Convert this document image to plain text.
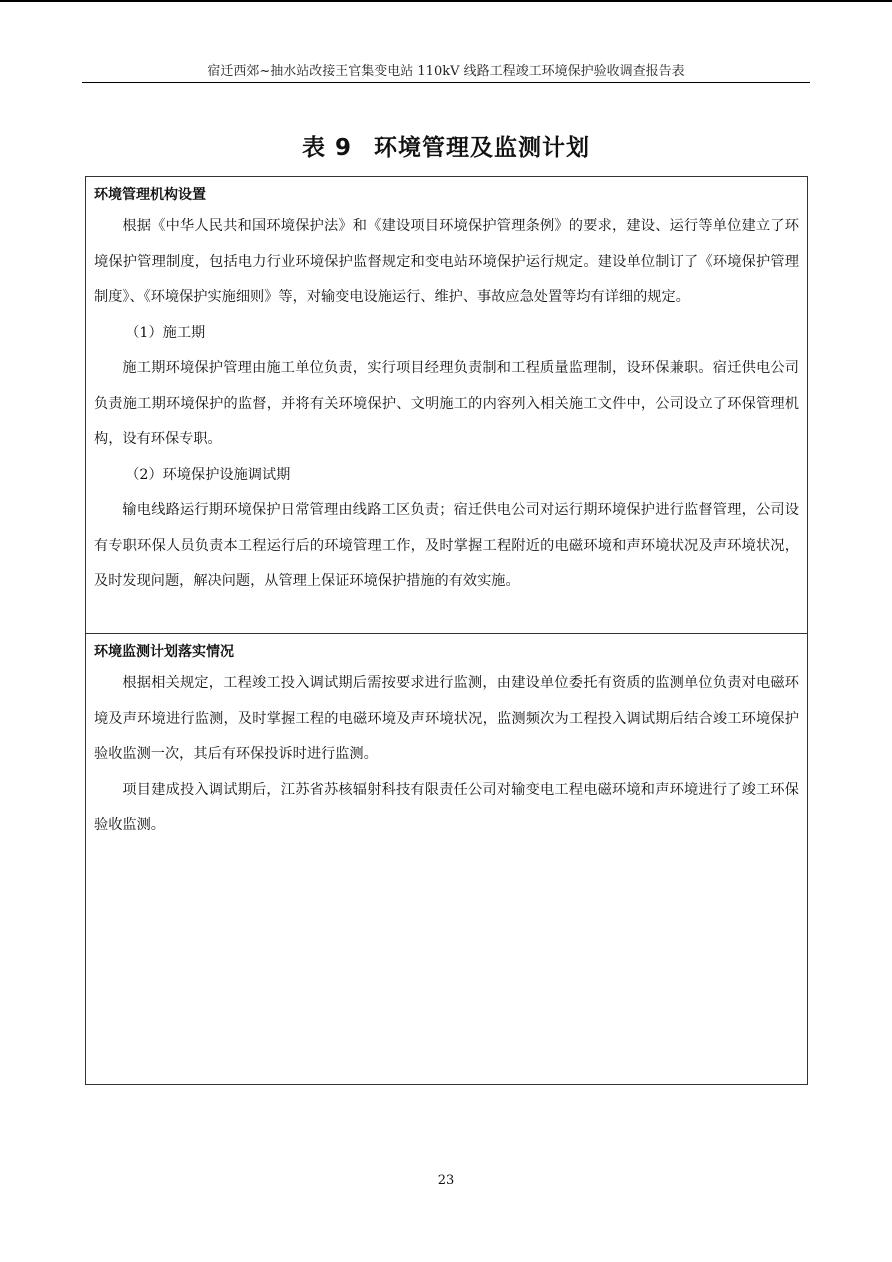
宿迁西郊~抽水站改接王官集变电站 110kV 线路工程竣工环境保护验收调查报告表
表 9 环境管理及监测计划
环境管理机构设置

根据《中华人民共和国环境保护法》和《建设项目环境保护管理条例》的要求，建设、运行等单位建立了环境保护管理制度，包括电力行业环境保护监督规定和变电站环境保护运行规定。建设单位制订了《环境保护管理制度》、《环境保护实施细则》等，对输变电设施运行、维护、事故应急处置等均有详细的规定。

（1）施工期

施工期环境保护管理由施工单位负责，实行项目经理负责制和工程质量监理制，设环保兼职。宿迁供电公司负责施工期环境保护的监督，并将有关环境保护、文明施工的内容列入相关施工文件中，公司设立了环保管理机构，设有环保专职。

（2）环境保护设施调试期

输电线路运行期环境保护日常管理由线路工区负责；宿迁供电公司对运行期环境保护进行监督管理，公司设有专职环保人员负责本工程运行后的环境管理工作，及时掌握工程附近的电磁环境和声环境状况及声环境状况，及时发现问题，解决问题，从管理上保证环境保护措施的有效实施。

环境监测计划落实情况

根据相关规定，工程竣工投入调试期后需按要求进行监测，由建设单位委托有资质的监测单位负责对电磁环境及声环境进行监测，及时掌握工程的电磁环境及声环境状况，监测频次为工程投入调试期后结合竣工环境保护验收监测一次，其后有环保投诉时进行监测。

项目建成投入调试期后，江苏省苏核辐射科技有限责任公司对输变电工程电磁环境和声环境进行了竣工环保验收监测。

23
